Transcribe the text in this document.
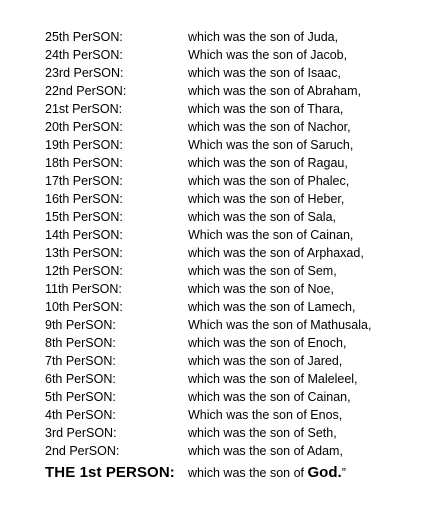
25th PerSON:	which was the son of Juda,
24th PerSON:	Which was the son of Jacob,
23rd PerSON:	which was the son of Isaac,
22nd PerSON:	which was the son of Abraham,
21st PerSON:	which was the son of Thara,
20th PerSON:	which was the son of Nachor,
19th PerSON:	Which was the son of Saruch,
18th PerSON:	which was the son of Ragau,
17th PerSON:	which was the son of Phalec,
16th PerSON:	which was the son of Heber,
15th PerSON:	which was the son of Sala,
14th PerSON:	Which was the son of Cainan,
13th PerSON:	which was the son of Arphaxad,
12th PerSON:	which was the son of Sem,
11th PerSON:	which was the son of Noe,
10th PerSON:	which was the son of Lamech,
9th PerSON:	Which was the son of Mathusala,
8th PerSON:	which was the son of Enoch,
7th PerSON:	which was the son of Jared,
6th PerSON:	which was the son of Maleleel,
5th PerSON:	which was the son of Cainan,
4th PerSON:	Which was the son of Enos,
3rd PerSON:	which was the son of Seth,
2nd PerSON:	which was the son of Adam,
THE 1st PERSON: which was the son of God.”
